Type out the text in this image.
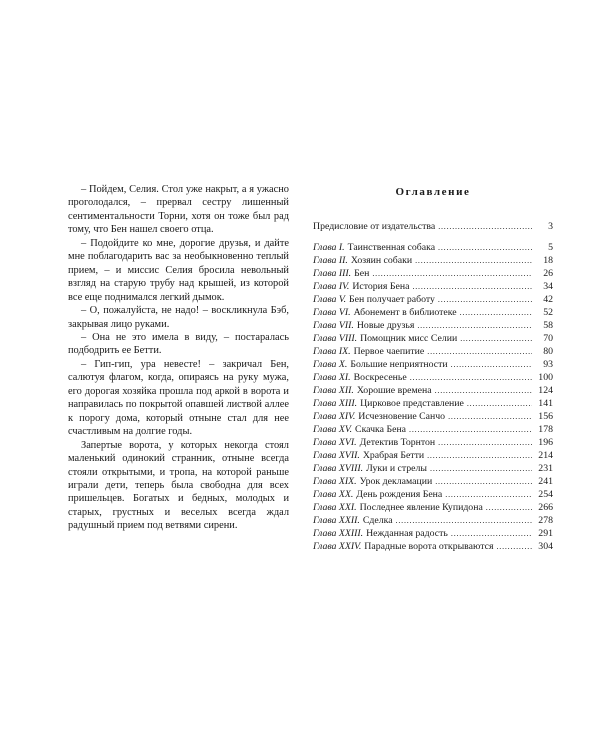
– Пойдем, Селия. Стол уже накрыт, а я ужасно проголодался, – прервал сестру лишенный сентиментальности Торни, хотя он тоже был рад тому, что Бен нашел своего отца.

– Подойдите ко мне, дорогие друзья, и дайте мне поблагодарить вас за необыкновенно теплый прием, – и миссис Селия бросила невольный взгляд на старую трубу над крышей, из которой все еще поднимался легкий дымок.

– О, пожалуйста, не надо! – воскликнула Бэб, закрывая лицо руками.

– Она не это имела в виду, – постаралась подбодрить ее Бетти.

– Гип-гип, ура невесте! – закричал Бен, салютуя флагом, когда, опираясь на руку мужа, его дорогая хозяйка прошла под аркой в ворота и направилась по покрытой опавшей листвой аллее к порогу дома, который отныне стал для нее счастливым на долгие годы.

Запертые ворота, у которых некогда стоял маленький одинокий странник, отныне всегда стояли открытыми, и тропа, на которой раньше играли дети, теперь была свободна для всех пришельцев. Богатых и бедных, молодых и старых, грустных и веселых всегда ждал радушный прием под ветвями сирени.

Оглавление
Предисловие от издательства . . .	3
Глава I. Таинственная собака . . .	5
Глава II. Хозяин собаки . . .	18
Глава III. Бен . . .	26
Глава IV. История Бена . . .	34
Глава V. Бен получает работу . . .	42
Глава VI. Абонемент в библиотеке . . .	52
Глава VII. Новые друзья . . .	58
Глава VIII. Помощник мисс Селии . . .	70
Глава IX. Первое чаепитие . . .	80
Глава X. Большие неприятности . . .	93
Глава XI. Воскресенье . . .	100
Глава XII. Хорошие времена . . .	124
Глава XIII. Цирковое представление . . .	141
Глава XIV. Исчезновение Санчо . . .	156
Глава XV. Скачка Бена . . .	178
Глава XVI. Детектив Торнтон . . .	196
Глава XVII. Храбрая Бетти . . .	214
Глава XVIII. Луки и стрелы . . .	231
Глава XIX. Урок декламации . . .	241
Глава XX. День рождения Бена . . .	254
Глава XXI. Последнее явление Купидона . . .	266
Глава XXII. Сделка . . .	278
Глава XXIII. Нежданная радость . . .	291
Глава XXIV. Парадные ворота открываются . . .	304
